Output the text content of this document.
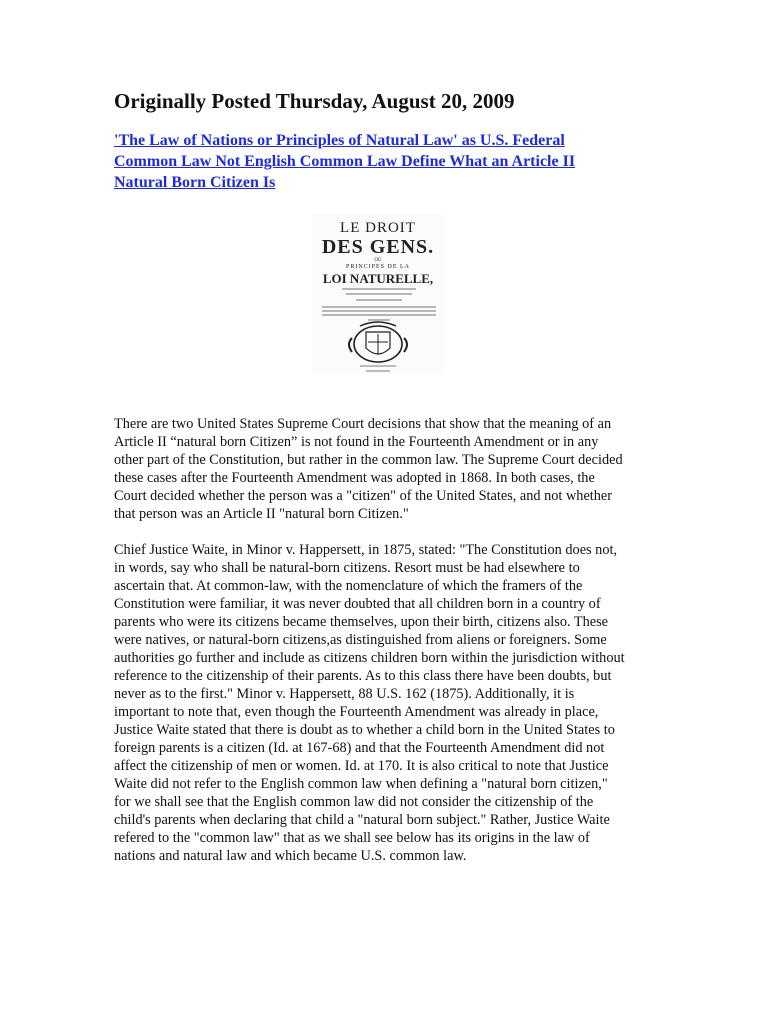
Originally Posted Thursday, August 20, 2009
'The Law of Nations or Principles of Natural Law' as U.S. Federal
Common Law Not English Common Law Define What an Article II
Natural Born Citizen Is
LE DROIT
DES GENS.
OU
PRINCIPES DE LA
LOI NATURELLE,
There are two United States Supreme Court decisions that show that the meaning of an
Article II “natural born Citizen” is not found in the Fourteenth Amendment or in any
other part of the Constitution, but rather in the common law. The Supreme Court decided
these cases after the Fourteenth Amendment was adopted in 1868. In both cases, the
Court decided whether the person was a "citizen" of the United States, and not whether
that person was an Article II "natural born Citizen."
Chief Justice Waite, in Minor v. Happersett, in 1875, stated: "The Constitution does not,
in words, say who shall be natural-born citizens. Resort must be had elsewhere to
ascertain that. At common-law, with the nomenclature of which the framers of the
Constitution were familiar, it was never doubted that all children born in a country of
parents who were its citizens became themselves, upon their birth, citizens also. These
were natives, or natural-born citizens,as distinguished from aliens or foreigners. Some
authorities go further and include as citizens children born within the jurisdiction without
reference to the citizenship of their parents. As to this class there have been doubts, but
never as to the first." Minor v. Happersett, 88 U.S. 162 (1875). Additionally, it is
important to note that, even though the Fourteenth Amendment was already in place,
Justice Waite stated that there is doubt as to whether a child born in the United States to
foreign parents is a citizen (Id. at 167-68) and that the Fourteenth Amendment did not
affect the citizenship of men or women. Id. at 170. It is also critical to note that Justice
Waite did not refer to the English common law when defining a "natural born citizen,"
for we shall see that the English common law did not consider the citizenship of the
child's parents when declaring that child a "natural born subject." Rather, Justice Waite
refered to the "common law" that as we shall see below has its origins in the law of
nations and natural law and which became U.S. common law.
